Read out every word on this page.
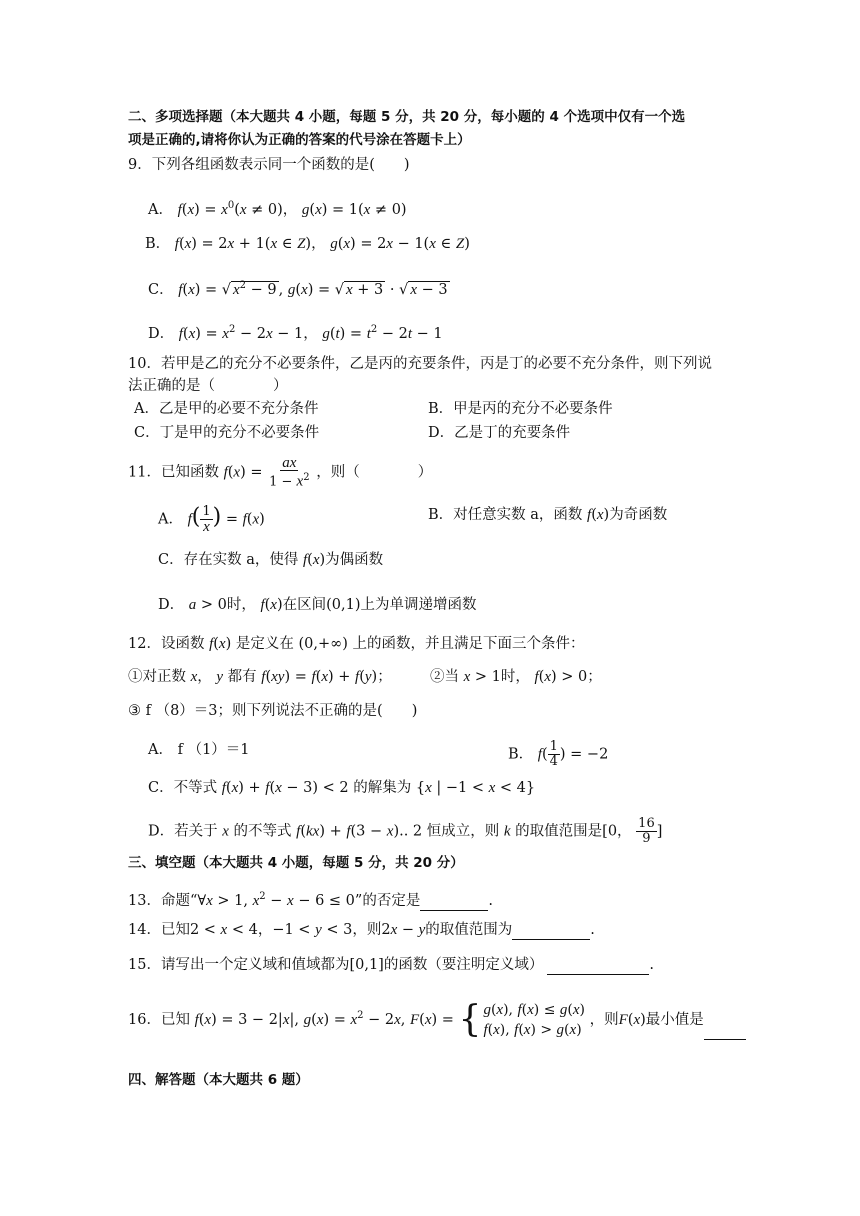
二、多项选择题（本大题共 4 小题，每题 5 分，共 20 分，每小题的 4 个选项中仅有一个选
项是正确的,请将你认为正确的答案的代号涂在答题卡上）
9．下列各组函数表示同一个函数的是(　　)
A． $f(x) = x^0(x \ne 0)$， g(x) = 1(x ≠ 0)
B． f(x) = 2x + 1(x ∈ Z)， g(x) = 2x − 1(x ∈ Z)
C． f(x) = √ $x^2 - 9$ , g(x) = √ x + 3 · √ x − 3
D． $f(x) = x^2 - 2x - 1$， $g(t) = t^2 - 2t - 1$
10．若甲是乙的充分不必要条件，乙是丙的充要条件，丙是丁的必要不充分条件，则下列说
法正确的是（　　　　）
A．乙是甲的必要不充分条件	B．甲是丙的充分不必要条件
C．丁是甲的充分不必要条件	D．乙是丁的充要条件
11．已知函数 $f(x) = \frac{ax}{1 - x^2}$ ，则（　　　　）
A． $f( \frac{1}{x}$ ) = f(x)	B．对任意实数 a，函数 f(x)为奇函数
C．存在实数 a，使得 f(x)为偶函数
D． a > 0时， f(x)在区间(0,1)上为单调递增函数
12．设函数 f(x) 是定义在 (0,+∞) 上的函数，并且满足下面三个条件：
①对正数 x， y 都有 f(xy) = f(x) + f(y)；	②当 x > 1时， f(x) > 0；
③ f （8）＝3；则下列说法不正确的是(　　)
A． f （1）＝1	B． $f( \frac{1}{4}$ ) = −2
C．不等式 f(x) + f(x − 3) < 2 的解集为 {x | −1 < x < 4}
D．若关于 x 的不等式 f(kx) + f(3 − x).. 2 恒成立，则 k 的取值范围是[0， $\frac{16}{9}$ ]
三、填空题（本大题共 4 小题，每题 5 分，共 20 分）
13．命题“∀x > 1, $x^2 - x - 6 \le 0$”的否定是	.
14．已知2 < x < 4，−1 < y < 3，则2x − y的取值范围为	.
15．请写出一个定义域和值域都为[0,1]的函数（要注明定义域）	.
16．已知 f(x) = 3 − 2|x|, $g(x) = x^2 - 2x$, F(x) = { g(x), f(x) ≤ g(x)
f(x), f(x) > g(x)
，则F(x)最小值是
四、解答题（本大题共 6 题）
